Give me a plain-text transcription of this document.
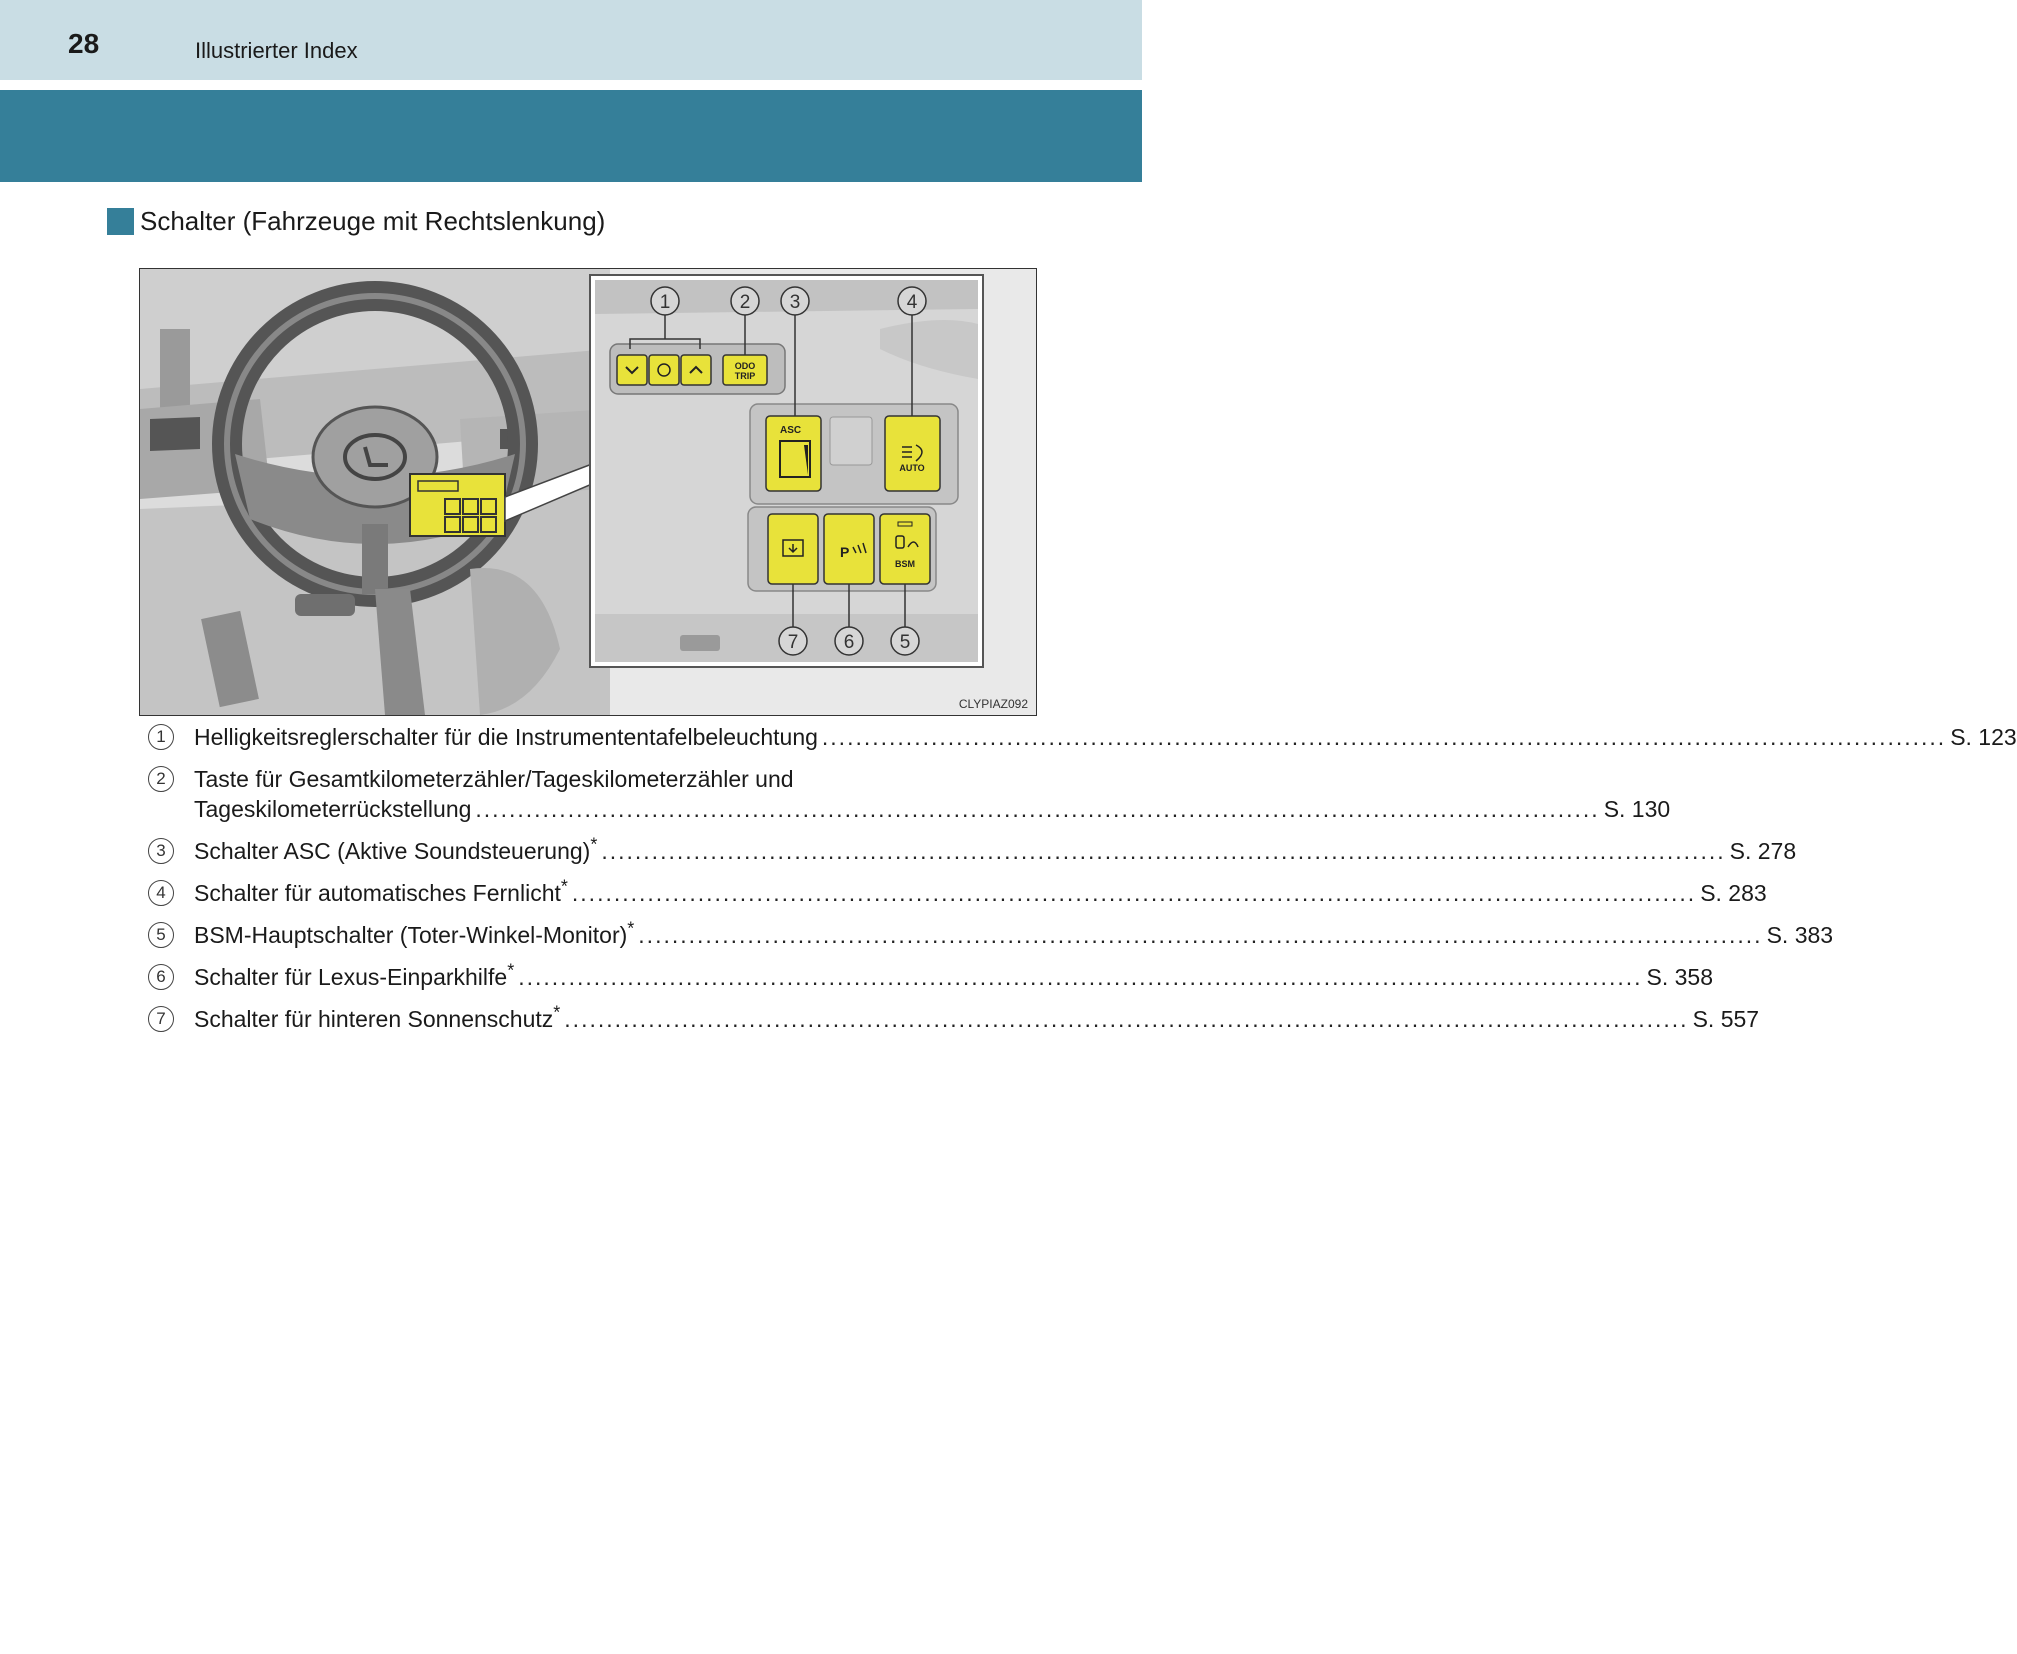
28	Illustrierter Index
Schalter (Fahrzeuge mit Rechtslenkung)
ODO
TRIP
ASC
AUTO
P
BSM
1	2 3	4
5
6
7
CLYPIAZ092
1	Helligkeitsreglerschalter für die Instrumententafelbeleuchtung .....	S. 123
2	Taste für Gesamtkilometerzähler/Tageskilometerzähler und
Tageskilometerrückstellung .....	S. 130
3	Schalter ASC (Aktive Soundsteuerung)* .....	S. 278
4	Schalter für automatisches Fernlicht* .....	S. 283
5	BSM-Hauptschalter (Toter-Winkel-Monitor)* .....	S. 383
6	Schalter für Lexus-Einparkhilfe* .....	S. 358
7	Schalter für hinteren Sonnenschutz* .....	S. 557
